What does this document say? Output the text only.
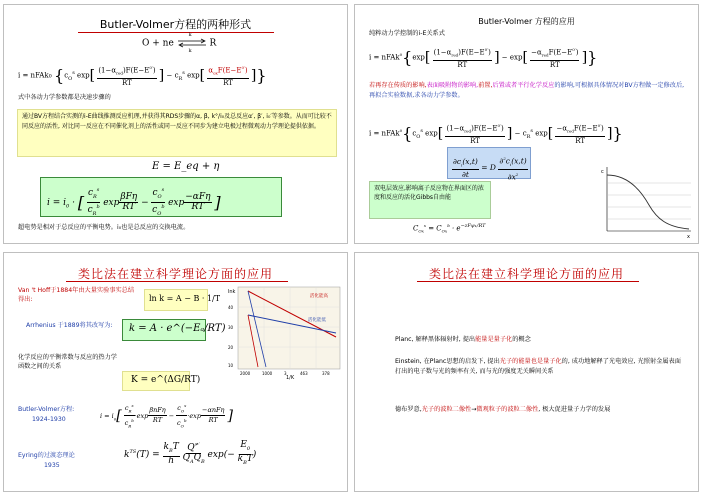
Butler-Volmer方程的两种形式
O + ne
k
k
R
i = nFAk0 {$c_O^s$ $\exp[ \frac{(1-\alpha_{red})F(E-E^{0'})}{RT}$ ] − $c_R^s$ $\exp[ \frac{\alpha_{ox}F(E-E^{0'})}{RT}$ ]}
式中各动力学参数都是决速步骤的
通过BV方程结合实测的i-E曲线推测反应机理,并获得其RDS步骤的α, β, k°/i₀及总反应α′, β′, i₀′等参数。从而可比较不同反应的活性, 对比同一反应在不同催化剂上的活性或同一反应不同步为建立电极过程微观动力学理论提供依据。
E = E_eq + η
$i = i_0$ · [ $\frac{c_R^s}{c_R^b}$ $\exp \frac{\text{βFη}}{RT} - \frac{c_O^s}{c_O^b}$ $\exp \frac{\text{−αFη}}{RT}$ ]
超电势是相对于总反应的平衡电势。i₀也是总反应的交换电流。
Butler-Volmer 方程的应用
纯粹动力学控制的i-E关系式
i = nFAk$^0${exp[ $\frac{(1-\alpha_{red})F(E-E^{0'})}{RT}$ ] − $\exp[ \frac{-\alpha_{red}F(E-E^{0'})}{RT}$ ]}
若再存在传质的影响,表面吸附物的影响,前置,后置或者平行化学反应的影响,可根据具体情况对BV方程做一定修改后,再拟合实验数据,求各动力学参数。
$i = nFAk^0\{c_O^s$ $\exp[ \frac{(1-\alpha_{red})F(E-E^{0'})}{RT}$ ] − $c_R^s$ $\exp[ \frac{-\alpha_{red}F(E-E^{0'})}{RT}$ ]}
$\frac{\partial c_i(x,t)}{\partial t} = D \frac{\partial^2c_i(x,t)}{\partial x^2}$
双电层效应,影响离子反应物在界面区的浓度和反应的活化Gibbs自由能
$C_{Ox}^s = C_{Ox}^b \cdot e^{-zF\psi_1/RT}$
c
x
类比法在建立科学理论方面的应用
Van 't Hoff于1884年由大量实验事实总结得出:	ln k = A − B · 1/T
Arrhenius 于1889将其改写为:	k = A · e^(−Eₐ/RT)
化学反应的平衡常数与反应的热力学函数之间的关系
K = e^(ΔG/RT)
Butler-Volmer方程:
1924-1930	$i = i_0[ \frac{c_R^s}{c_R^b} \cdot\exp \frac{\text{βnFη}}{RT} - \frac{c_O^s}{c_O^b} \cdot\exp \frac{\text{−αnFη}}{RT}$ ]
Eyring的过渡态理论
1935
$k^{TS}(T) = \frac{k_BT}{h}$
$\frac{Q^{\ne'}}{Q_AQ_B} \exp(- \frac{E_0}{k_BT}$ )
lnk
1/K
2000	1000	3	463	378
40
30
20
10
活化能高
活化能低
类比法在建立科学理论方面的应用
Planc, 解释黑体辐射时, 提出能量是量子化的概念
Einstein, 在Planc思想的启发下, 提出光子的能量也是量子化的, 成功地解释了光电效应, 光照射金属表面打出的电子数与光的频率有关, 而与光的强度无关瞬间关系
德布罗意,光子的波粒二像性→微观粒子的波粒二像性, 极大促进量子力学的发展
